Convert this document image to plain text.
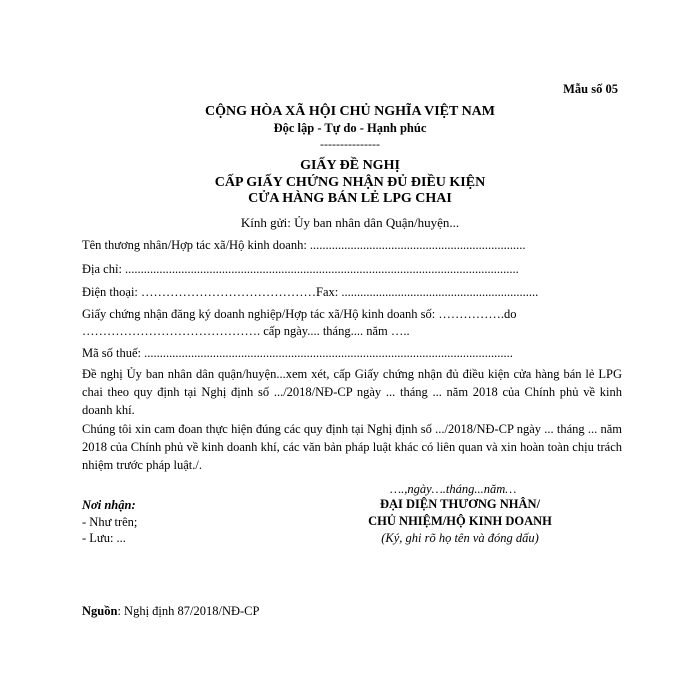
Mẫu số 05
CỘNG HÒA XÃ HỘI CHỦ NGHĨA VIỆT NAM
Độc lập - Tự do - Hạnh phúc
---------------
GIẤY ĐỀ NGHỊ
CẤP GIẤY CHỨNG NHẬN ĐỦ ĐIỀU KIỆN
CỬA HÀNG BÁN LẺ LPG CHAI
Kính gửi: Ủy ban nhân dân Quận/huyện...
Tên thương nhân/Hợp tác xã/Hộ kinh doanh: .....................................................................
Địa chỉ: ..............................................................................................................................
Điện thoại: ……………………………………Fax: ...............................................................
Giấy chứng nhận đăng ký doanh nghiệp/Hợp tác xã/Hộ kinh doanh số: …………….do
……………………………………. cấp ngày.... tháng.... năm …..
Mã số thuế: ......................................................................................................................
Đề nghị Ủy ban nhân dân quận/huyện...xem xét, cấp Giấy chứng nhận đủ điều kiện cửa hàng bán lẻ LPG chai theo quy định tại Nghị định số .../2018/NĐ-CP ngày ... tháng ... năm 2018 của Chính phủ về kinh doanh khí.
Chúng tôi xin cam đoan thực hiện đúng các quy định tại Nghị định số .../2018/NĐ-CP ngày ... tháng ... năm 2018 của Chính phủ về kinh doanh khí, các văn bản pháp luật khác có liên quan và xin hoàn toàn chịu trách nhiệm trước pháp luật./.
….,ngày….tháng...năm…
Nơi nhận:
- Như trên;
- Lưu: ...
ĐẠI DIỆN THƯƠNG NHÂN/
CHỦ NHIỆM/HỘ KINH DOANH
(Ký, ghi rõ họ tên và đóng dấu)
Nguồn: Nghị định 87/2018/NĐ-CP
